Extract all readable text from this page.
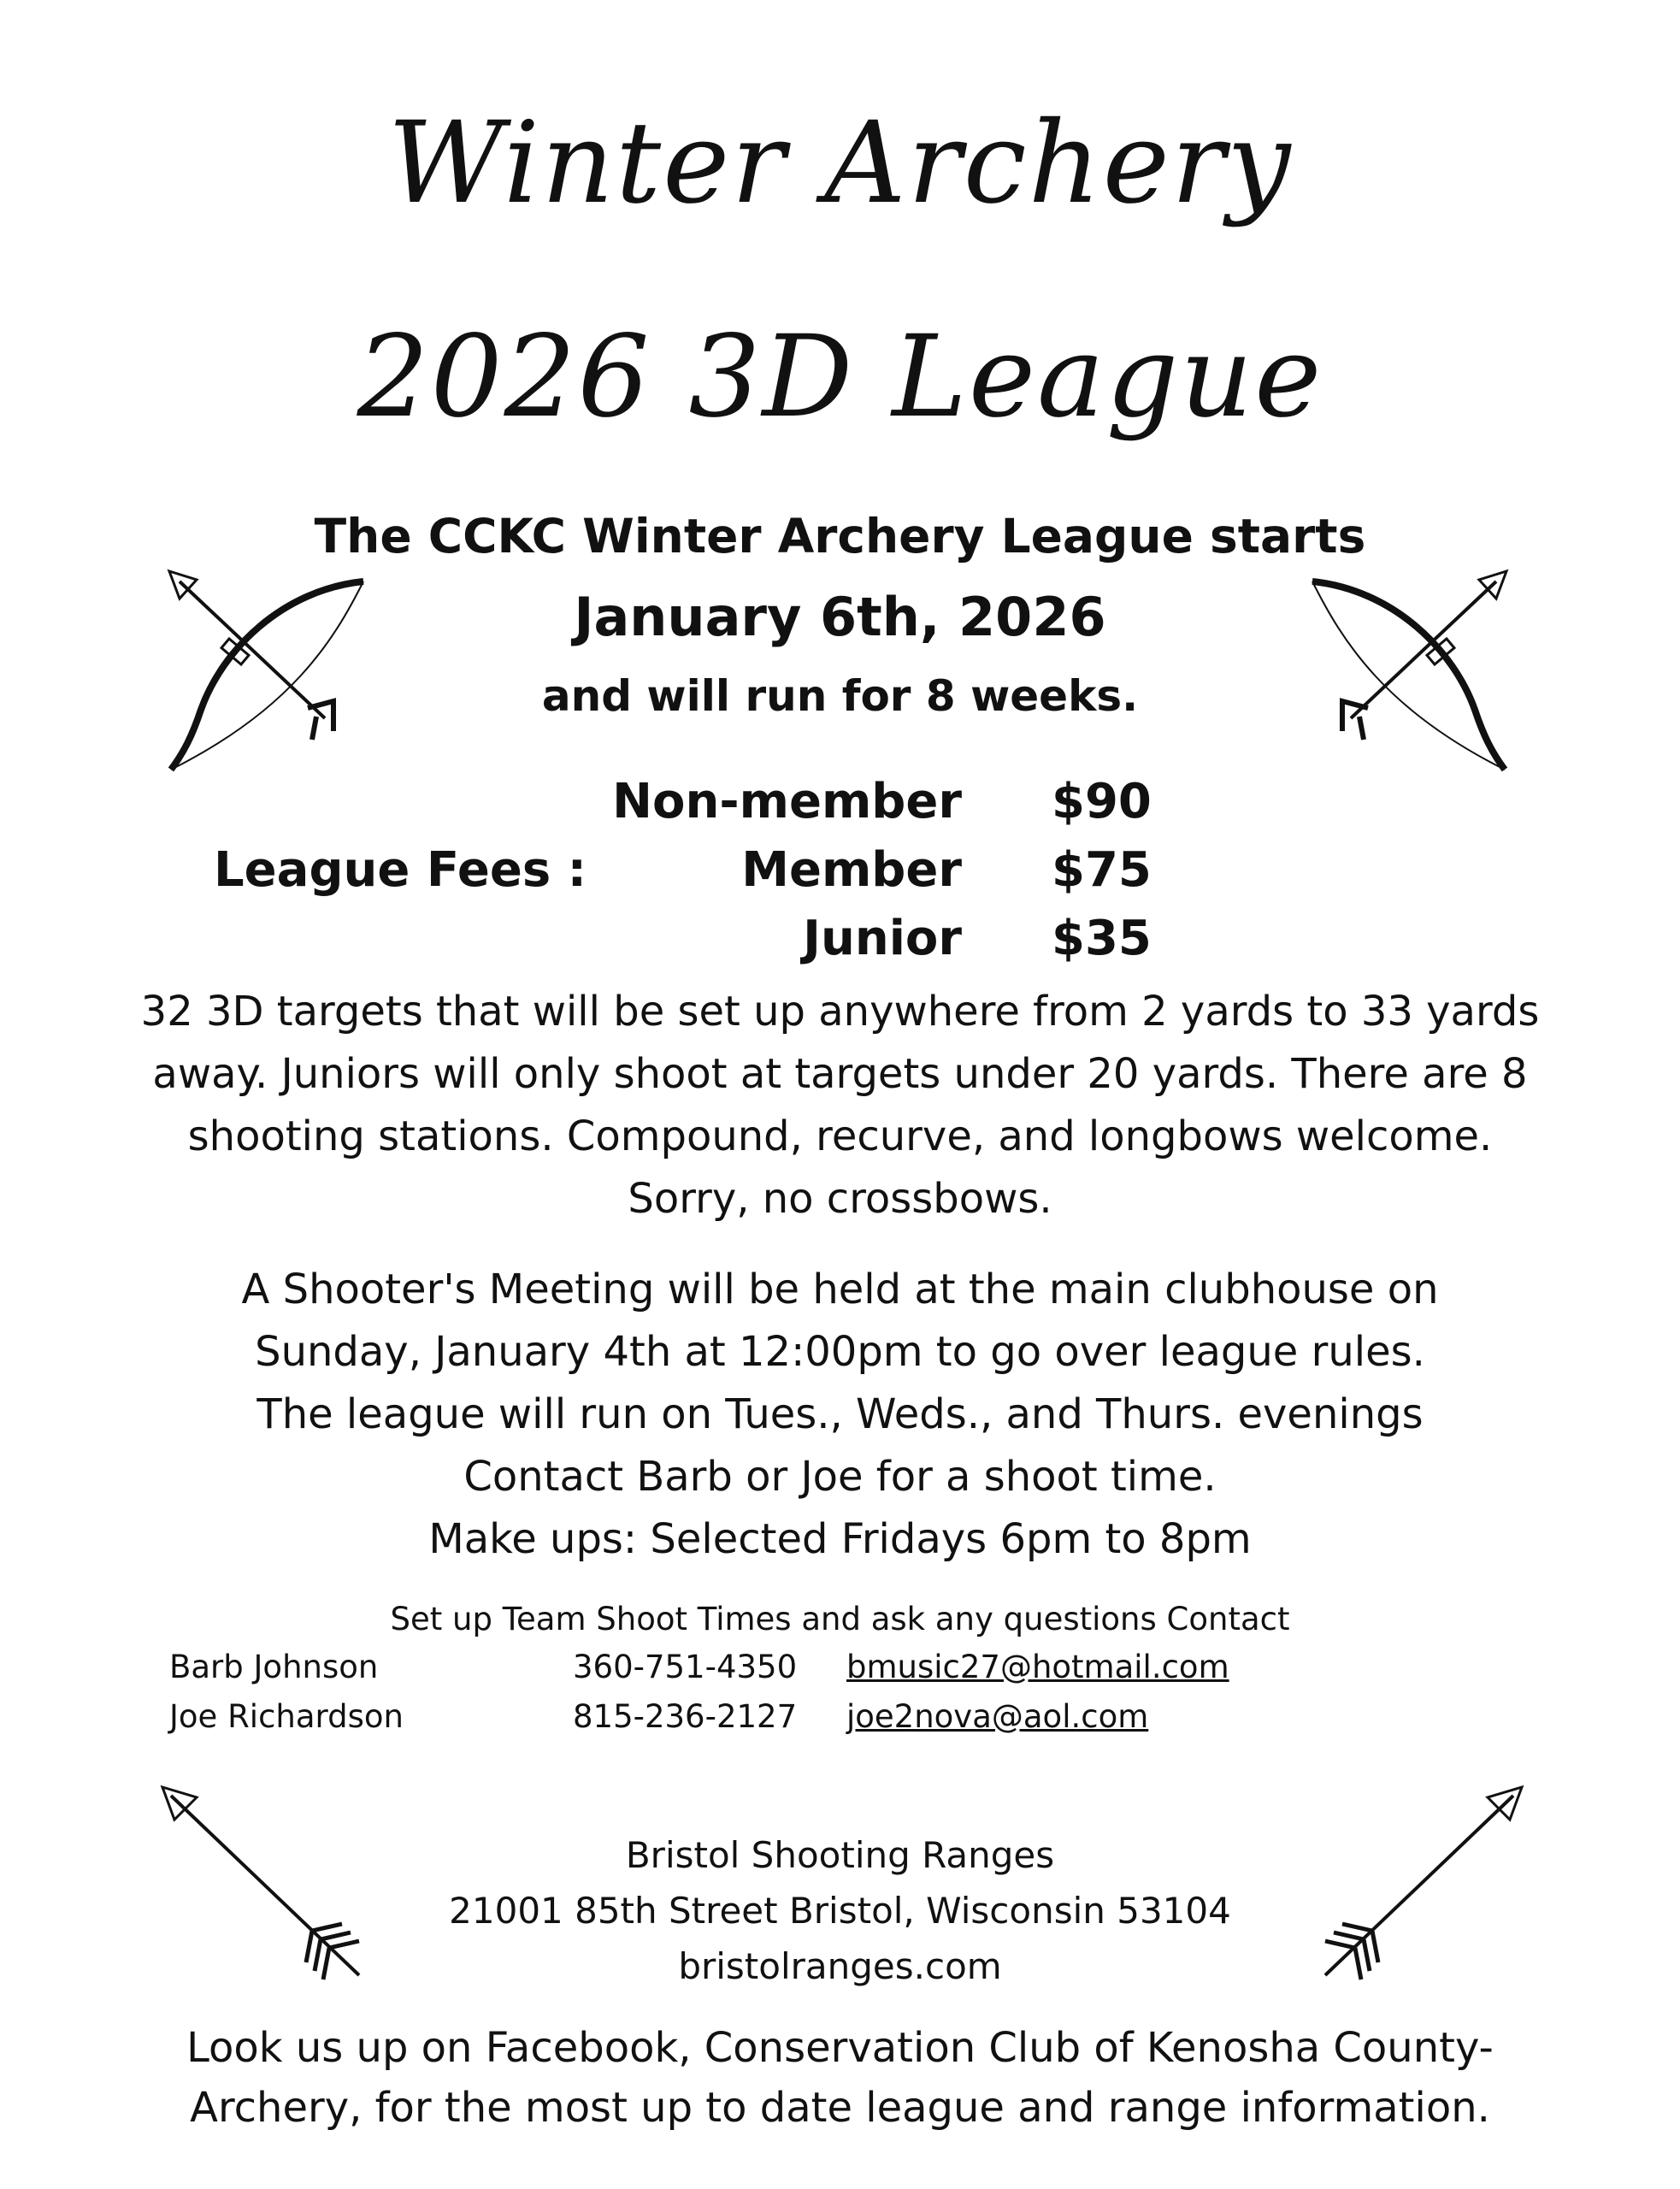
Winter Archery
2026 3D League
The CCKC Winter Archery League starts
January 6th, 2026
and will run for 8 weeks.
League Fees :
Non-member $90
Member $75
Junior $35
32 3D targets that will be set up anywhere from 2 yards to 33 yards
away. Juniors will only shoot at targets under 20 yards. There are 8
shooting stations. Compound, recurve, and longbows welcome.
Sorry, no crossbows.
A Shooter's Meeting will be held at the main clubhouse on
Sunday, January 4th at 12:00pm to go over league rules.
The league will run on Tues., Weds., and Thurs. evenings
Contact Barb or Joe for a shoot time.
Make ups: Selected Fridays 6pm to 8pm
Set up Team Shoot Times and ask any questions Contact
Barb Johnson	360-751-4350 bmusic27@hotmail.com
Joe Richardson	815-236-2127 joe2nova@aol.com
Bristol Shooting Ranges
21001 85th Street Bristol, Wisconsin 53104
bristolranges.com
Look us up on Facebook, Conservation Club of Kenosha County-
Archery, for the most up to date league and range information.
